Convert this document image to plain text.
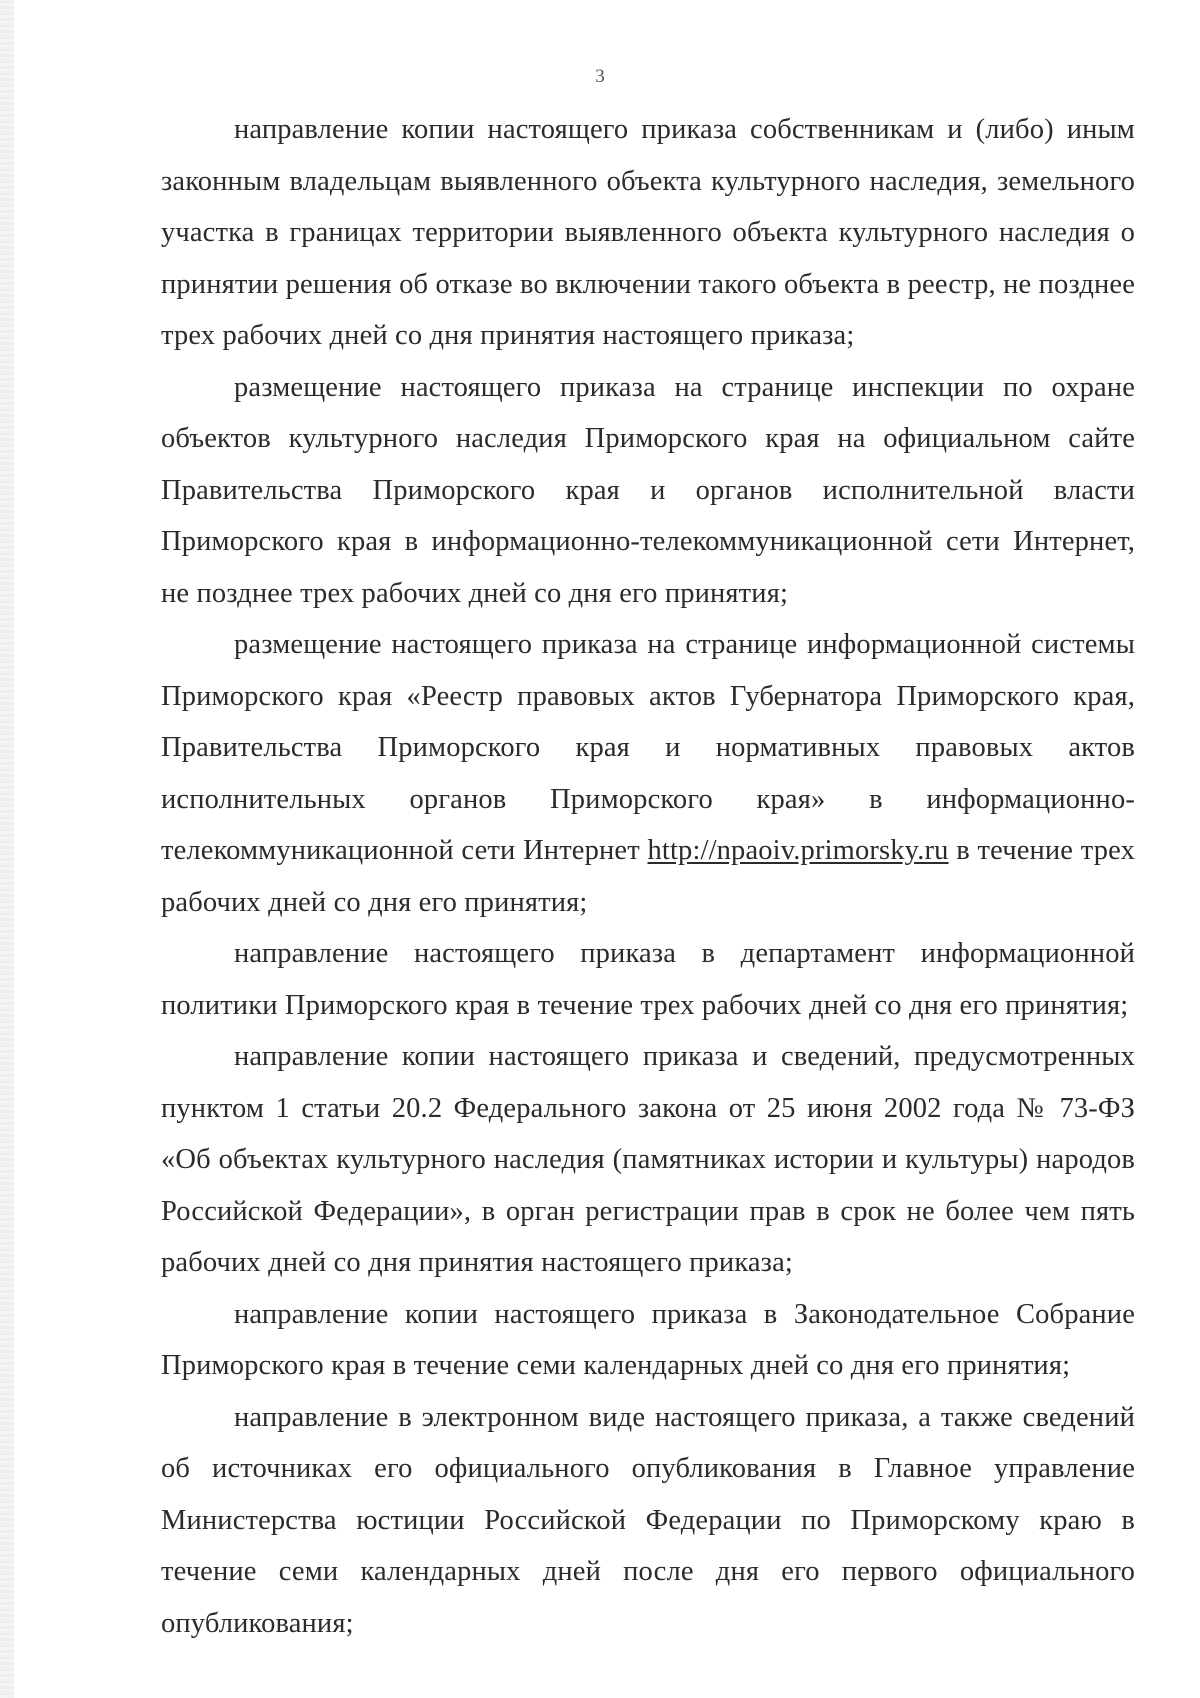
3

направление копии настоящего приказа собственникам и (либо) иным законным владельцам выявленного объекта культурного наследия, земельного участка в границах территории выявленного объекта культурного наследия о принятии решения об отказе во включении такого объекта в реестр, не позднее трех рабочих дней со дня принятия настоящего приказа;

размещение настоящего приказа на странице инспекции по охране объектов культурного наследия Приморского края на официальном сайте Правительства Приморского края и органов исполнительной власти Приморского края в информационно-телекоммуникационной сети Интернет, не позднее трех рабочих дней со дня его принятия;

размещение настоящего приказа на странице информационной системы Приморского края «Реестр правовых актов Губернатора Приморского края, Правительства Приморского края и нормативных правовых актов исполнительных органов Приморского края» в информационно-телекоммуникационной сети Интернет http://npaoiv.primorsky.ru в течение трех рабочих дней со дня его принятия;

направление настоящего приказа в департамент информационной политики Приморского края в течение трех рабочих дней со дня его принятия;

направление копии настоящего приказа и сведений, предусмотренных пунктом 1 статьи 20.2 Федерального закона от 25 июня 2002 года № 73-ФЗ «Об объектах культурного наследия (памятниках истории и культуры) народов Российской Федерации», в орган регистрации прав в срок не более чем пять рабочих дней со дня принятия настоящего приказа;

направление копии настоящего приказа в Законодательное Собрание Приморского края в течение семи календарных дней со дня его принятия;

направление в электронном виде настоящего приказа, а также сведений об источниках его официального опубликования в Главное управление Министерства юстиции Российской Федерации по Приморскому краю в течение семи календарных дней после дня его первого официального опубликования;
